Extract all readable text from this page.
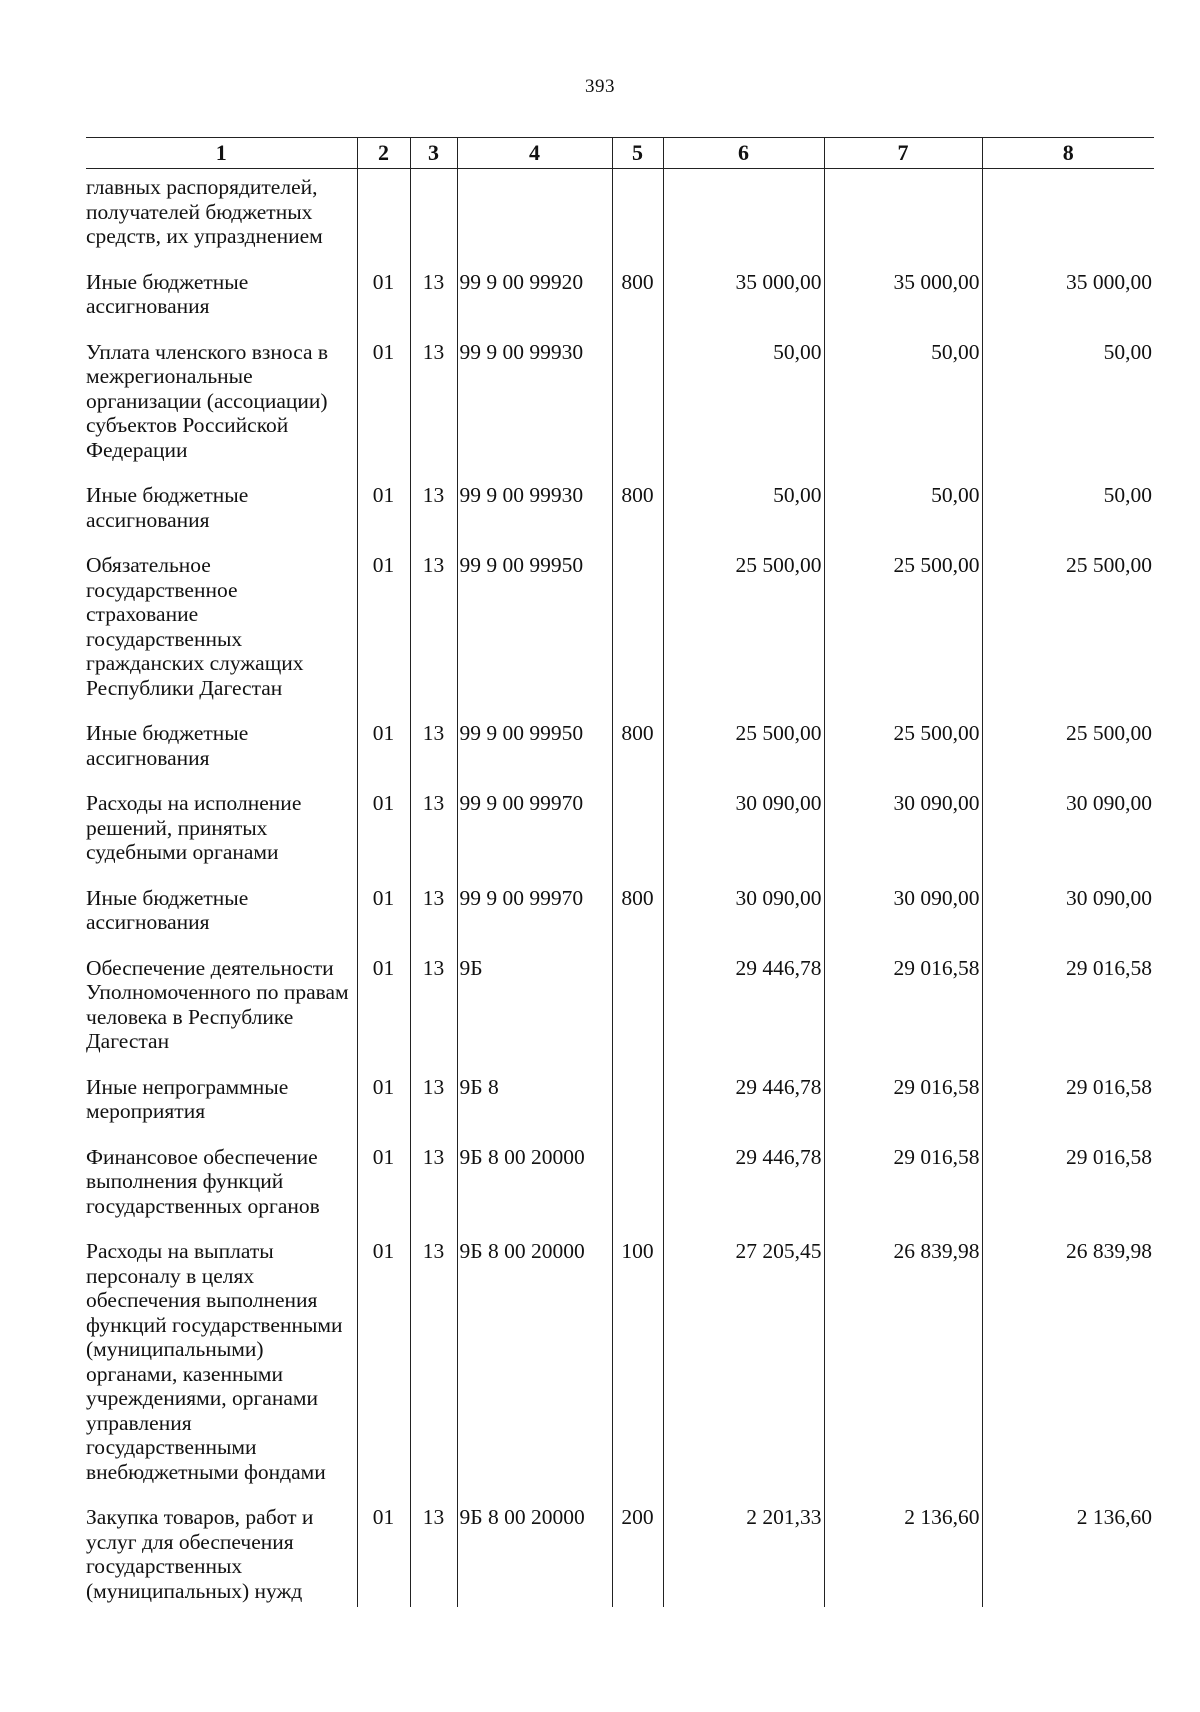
393
1	2	3	4	5	6	7	8
главных распорядителей, получателей бюджетных средств, их упразднением							
Иные бюджетные ассигнования	01	13	99 9 00 99920	800	35 000,00	35 000,00	35 000,00
Уплата членского взноса в межрегиональные организации (ассоциации) субъектов Российской Федерации	01	13	99 9 00 99930		50,00	50,00	50,00
Иные бюджетные ассигнования	01	13	99 9 00 99930	800	50,00	50,00	50,00
Обязательное государственное страхование государственных гражданских служащих Республики Дагестан	01	13	99 9 00 99950		25 500,00	25 500,00	25 500,00
Иные бюджетные ассигнования	01	13	99 9 00 99950	800	25 500,00	25 500,00	25 500,00
Расходы на исполнение решений, принятых судебными органами	01	13	99 9 00 99970		30 090,00	30 090,00	30 090,00
Иные бюджетные ассигнования	01	13	99 9 00 99970	800	30 090,00	30 090,00	30 090,00
Обеспечение деятельности Уполномоченного по правам человека в Республике Дагестан	01	13	9Б		29 446,78	29 016,58	29 016,58
Иные непрограммные мероприятия	01	13	9Б 8		29 446,78	29 016,58	29 016,58
Финансовое обеспечение выполнения функций государственных органов	01	13	9Б 8 00 20000		29 446,78	29 016,58	29 016,58
Расходы на выплаты персоналу в целях обеспечения выполнения функций государственными (муниципальными) органами, казенными учреждениями, органами управления государственными внебюджетными фондами	01	13	9Б 8 00 20000	100	27 205,45	26 839,98	26 839,98
Закупка товаров, работ и услуг для обеспечения государственных (муниципальных) нужд	01	13	9Б 8 00 20000	200	2 201,33	2 136,60	2 136,60
